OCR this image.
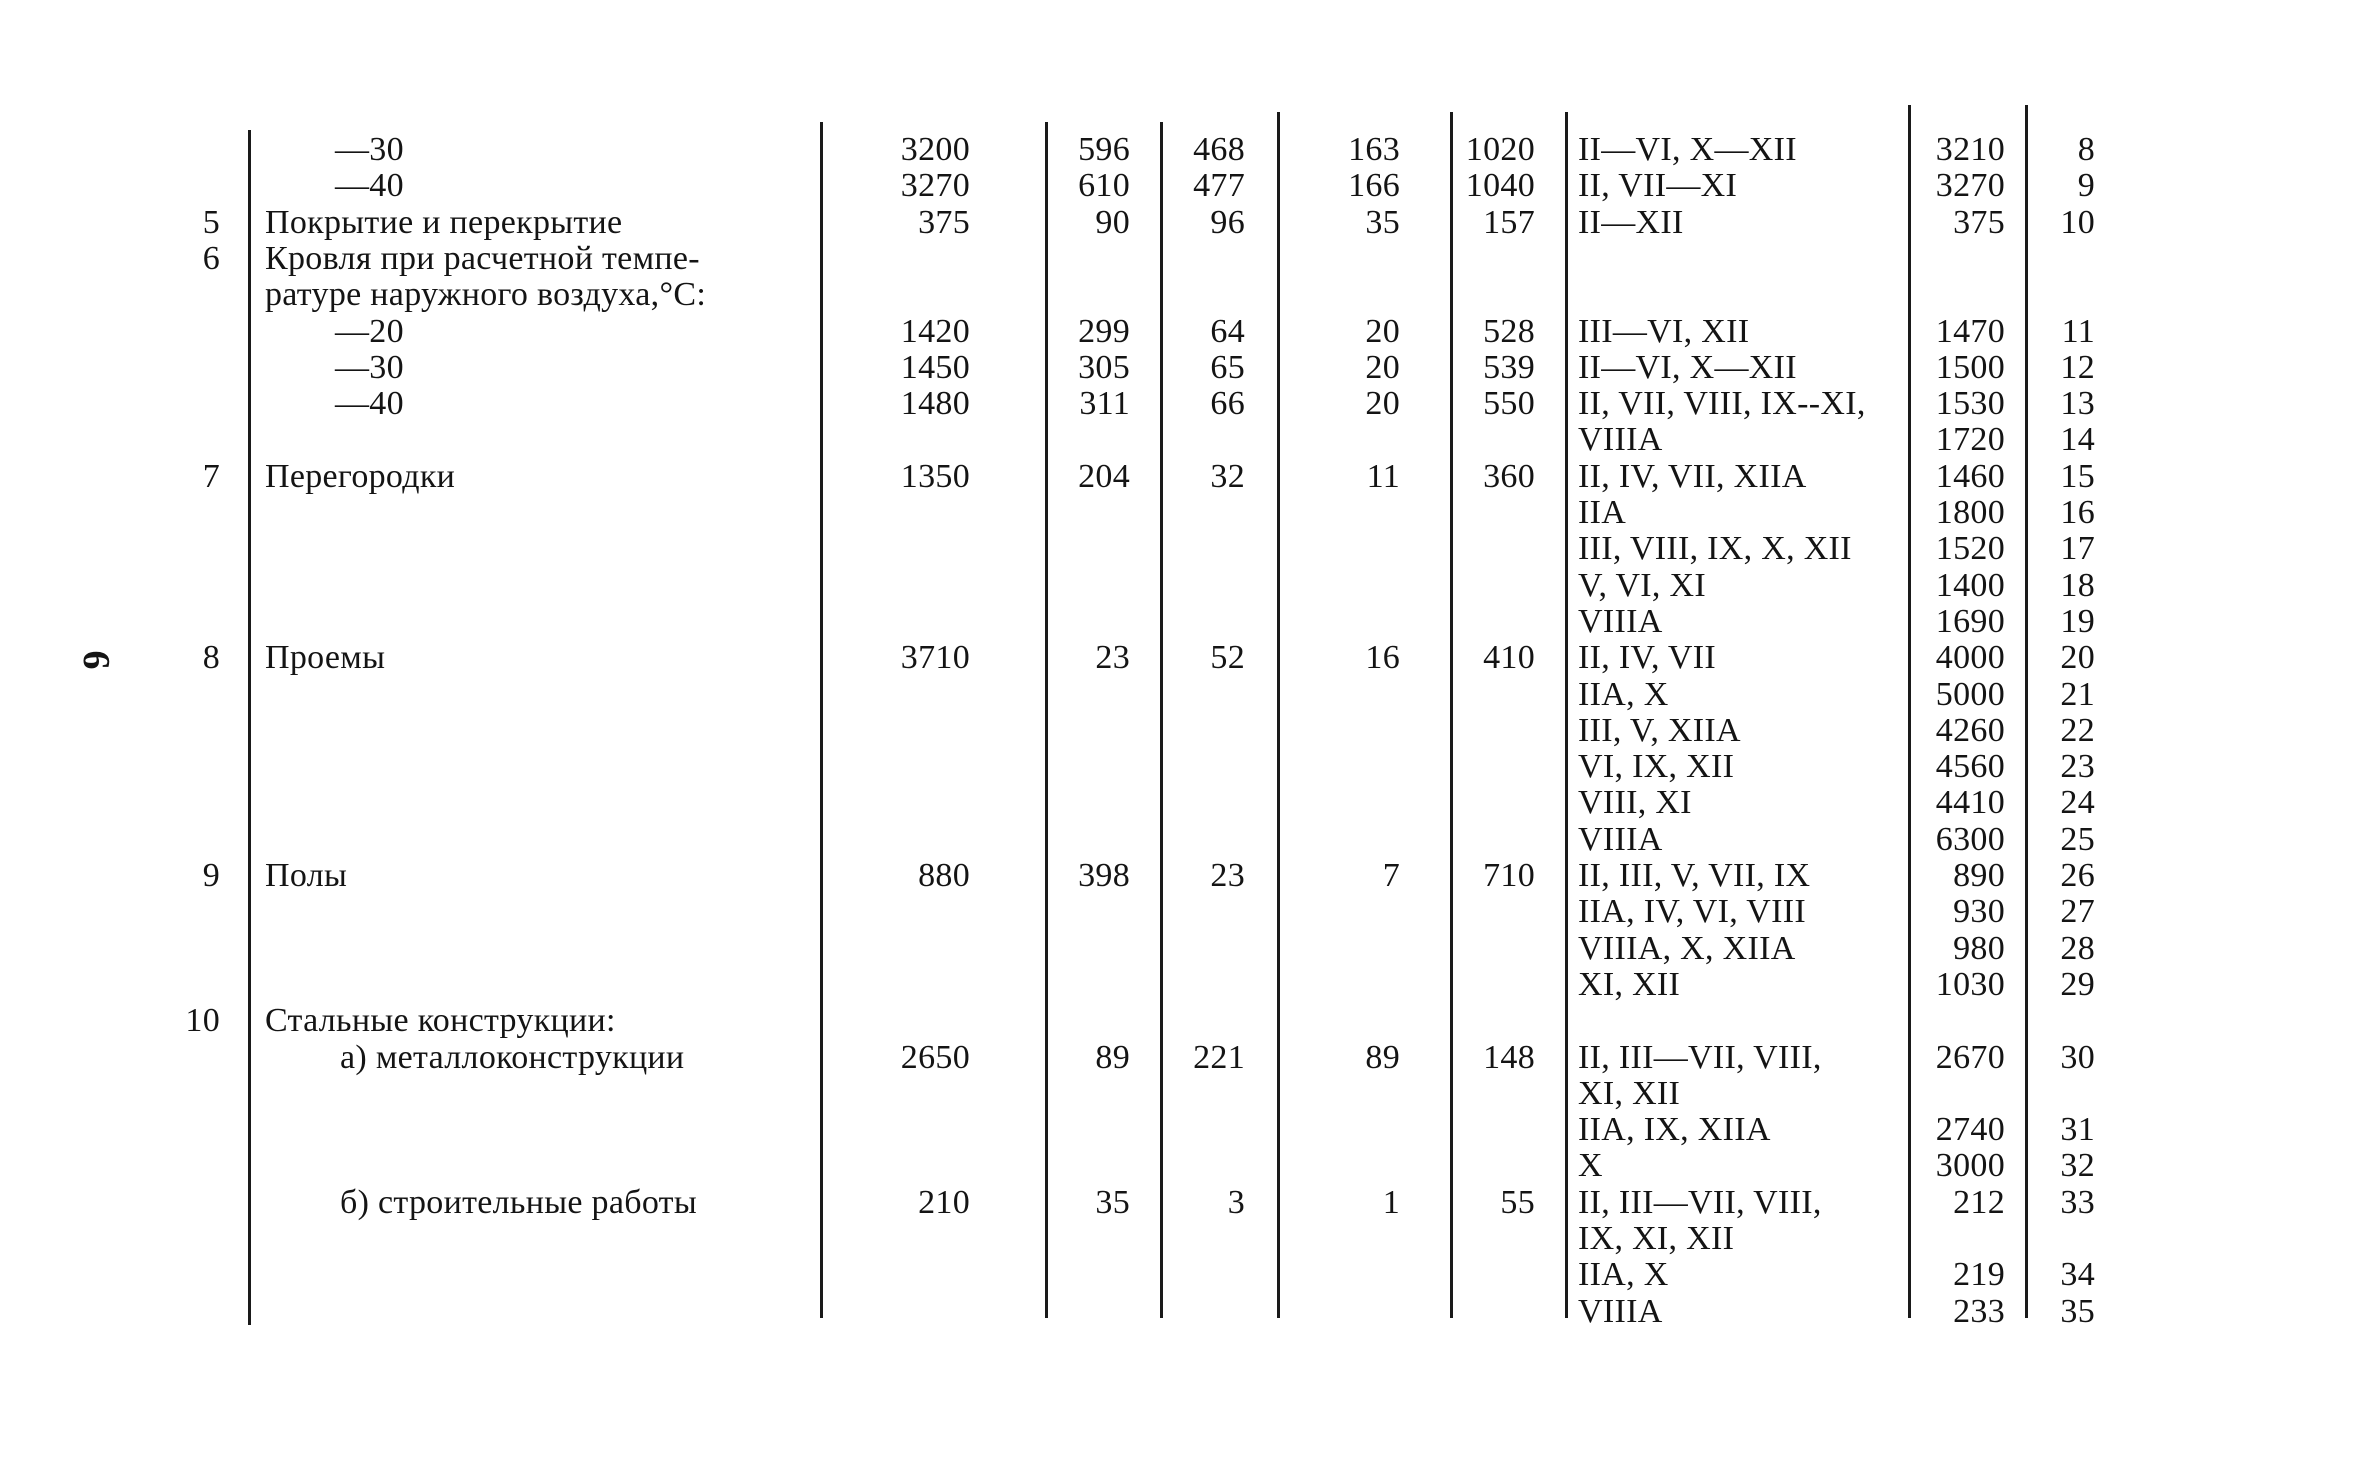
6
—30	3200	596	468	163	1020 II—VI, X—XII	3210	8
—40	3270	610	477	166	1040 II, VII—XI	3270	9
5 Покрытие и перекрытие	375	90	96	35	157 II—XII	375	10
6 Кровля при расчетной темпе-
ратуре наружного воздуха,°С:
—20	1420	299	64	20	528 III—VI, XII	1470	11
—30	1450	305	65	20	539 II—VI, X—XII	1500	12
—40	1480	311	66	20	550 II, VII, VIII, IX--XI,	1530	13
VIIIA	1720	14
7 Перегородки	1350	204	32	11	360 II, IV, VII, XIIA	1460	15
IIA	1800	16
III, VIII, IX, X, XII	1520	17
V, VI, XI	1400	18
VIIIA	1690	19
8 Проемы	3710	23	52	16	410 II, IV, VII	4000	20
IIA, X	5000	21
III, V, XIIA	4260	22
VI, IX, XII	4560	23
VIII, XI	4410	24
VIIIA	6300	25
9 Полы	880	398	23	7	710 II, III, V, VII, IX	890	26
IIA, IV, VI, VIII	930	27
VIIIA, X, XIIA	980	28
XI, XII	1030	29
10 Стальные конструкции:
а) металлоконструкции	2650	89	221	89	148 II, III—VII, VIII,	2670	30
XI, XII
IIA, IX, XIIA	2740	31
X	3000	32
б) строительные работы	210	35	3	1	55 II, III—VII, VIII,	212	33
IX, XI, XII
IIA, X	219	34
VIIIA	233	35
